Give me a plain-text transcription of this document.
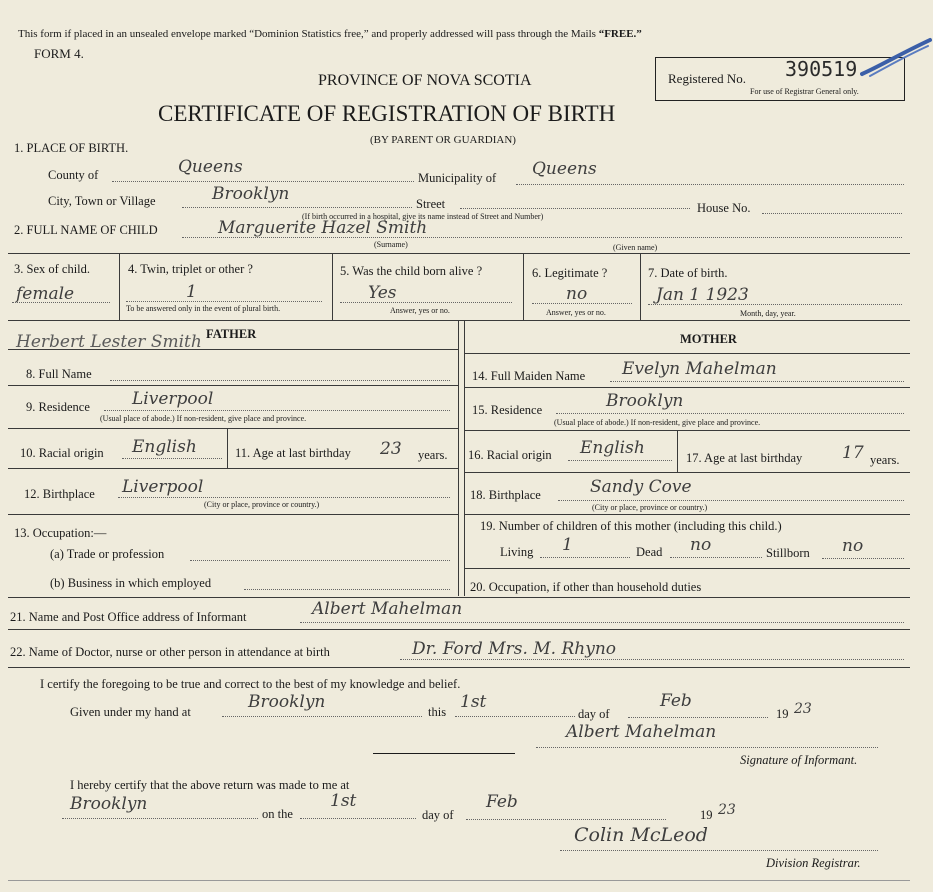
This form if placed in an unsealed envelope marked “Dominion Statistics free,” and properly addressed will pass through the Mails “FREE.”
FORM 4.
PROVINCE OF NOVA SCOTIA
CERTIFICATE OF REGISTRATION OF BIRTH
(BY PARENT OR GUARDIAN)
Registered No. 390519
For use of Registrar General only.
1. PLACE OF BIRTH.
County of	Queens
Municipality of Queens
City, Town or Village	Brooklyn	Street	House No.
(If birth occurred in a hospital, give its name instead of Street and Number)
2. FULL NAME OF CHILD	Marguerite Hazel Smith
(Surname)	(Given name)
3. Sex of child.
female
4. Twin, triplet or other ?
1
To be answered only in the event of plural birth.
5. Was the child born alive ?
Yes
Answer, yes or no.
6. Legitimate ?
no
Answer, yes or no.
7. Date of birth.
Jan 1 1923
Month, day, year.
FATHER
Herbert Lester Smith
8. Full Name
9. Residence Liverpool
(Usual place of abode.) If non-resident, give place and province.
10. Racial origin English	11. Age at last birthday 23 years.
12. Birthplace Liverpool
(City or place, province or country.)
13. Occupation:—
(a) Trade or profession
(b) Business in which employed
MOTHER
14. Full Maiden Name Evelyn Mahelman
15. Residence	Brooklyn
(Usual place of abode.) If non-resident, give place and province.
16. Racial origin English	17. Age at last birthday 17 years.
18. Birthplace	Sandy Cove
(City or place, province or country.)
19. Number of children of this mother (including this child.)
Living 1	Dead no	Stillborn no
20. Occupation, if other than household duties
21. Name and Post Office address of Informant	Albert Mahelman
22. Name of Doctor, nurse or other person in attendance at birth	Dr. Ford Mrs. M. Rhyno
I certify the foregoing to be true and correct to the best of my knowledge and belief.
Given under my hand at	Brooklyn	this 1st
day of
Feb
19 23
Albert Mahelman
Signature of Informant.
I hereby certify that the above return was made to me at
Brooklyn	on the
1st
day of
Feb
19 23
Colin McLeod
Division Registrar.
